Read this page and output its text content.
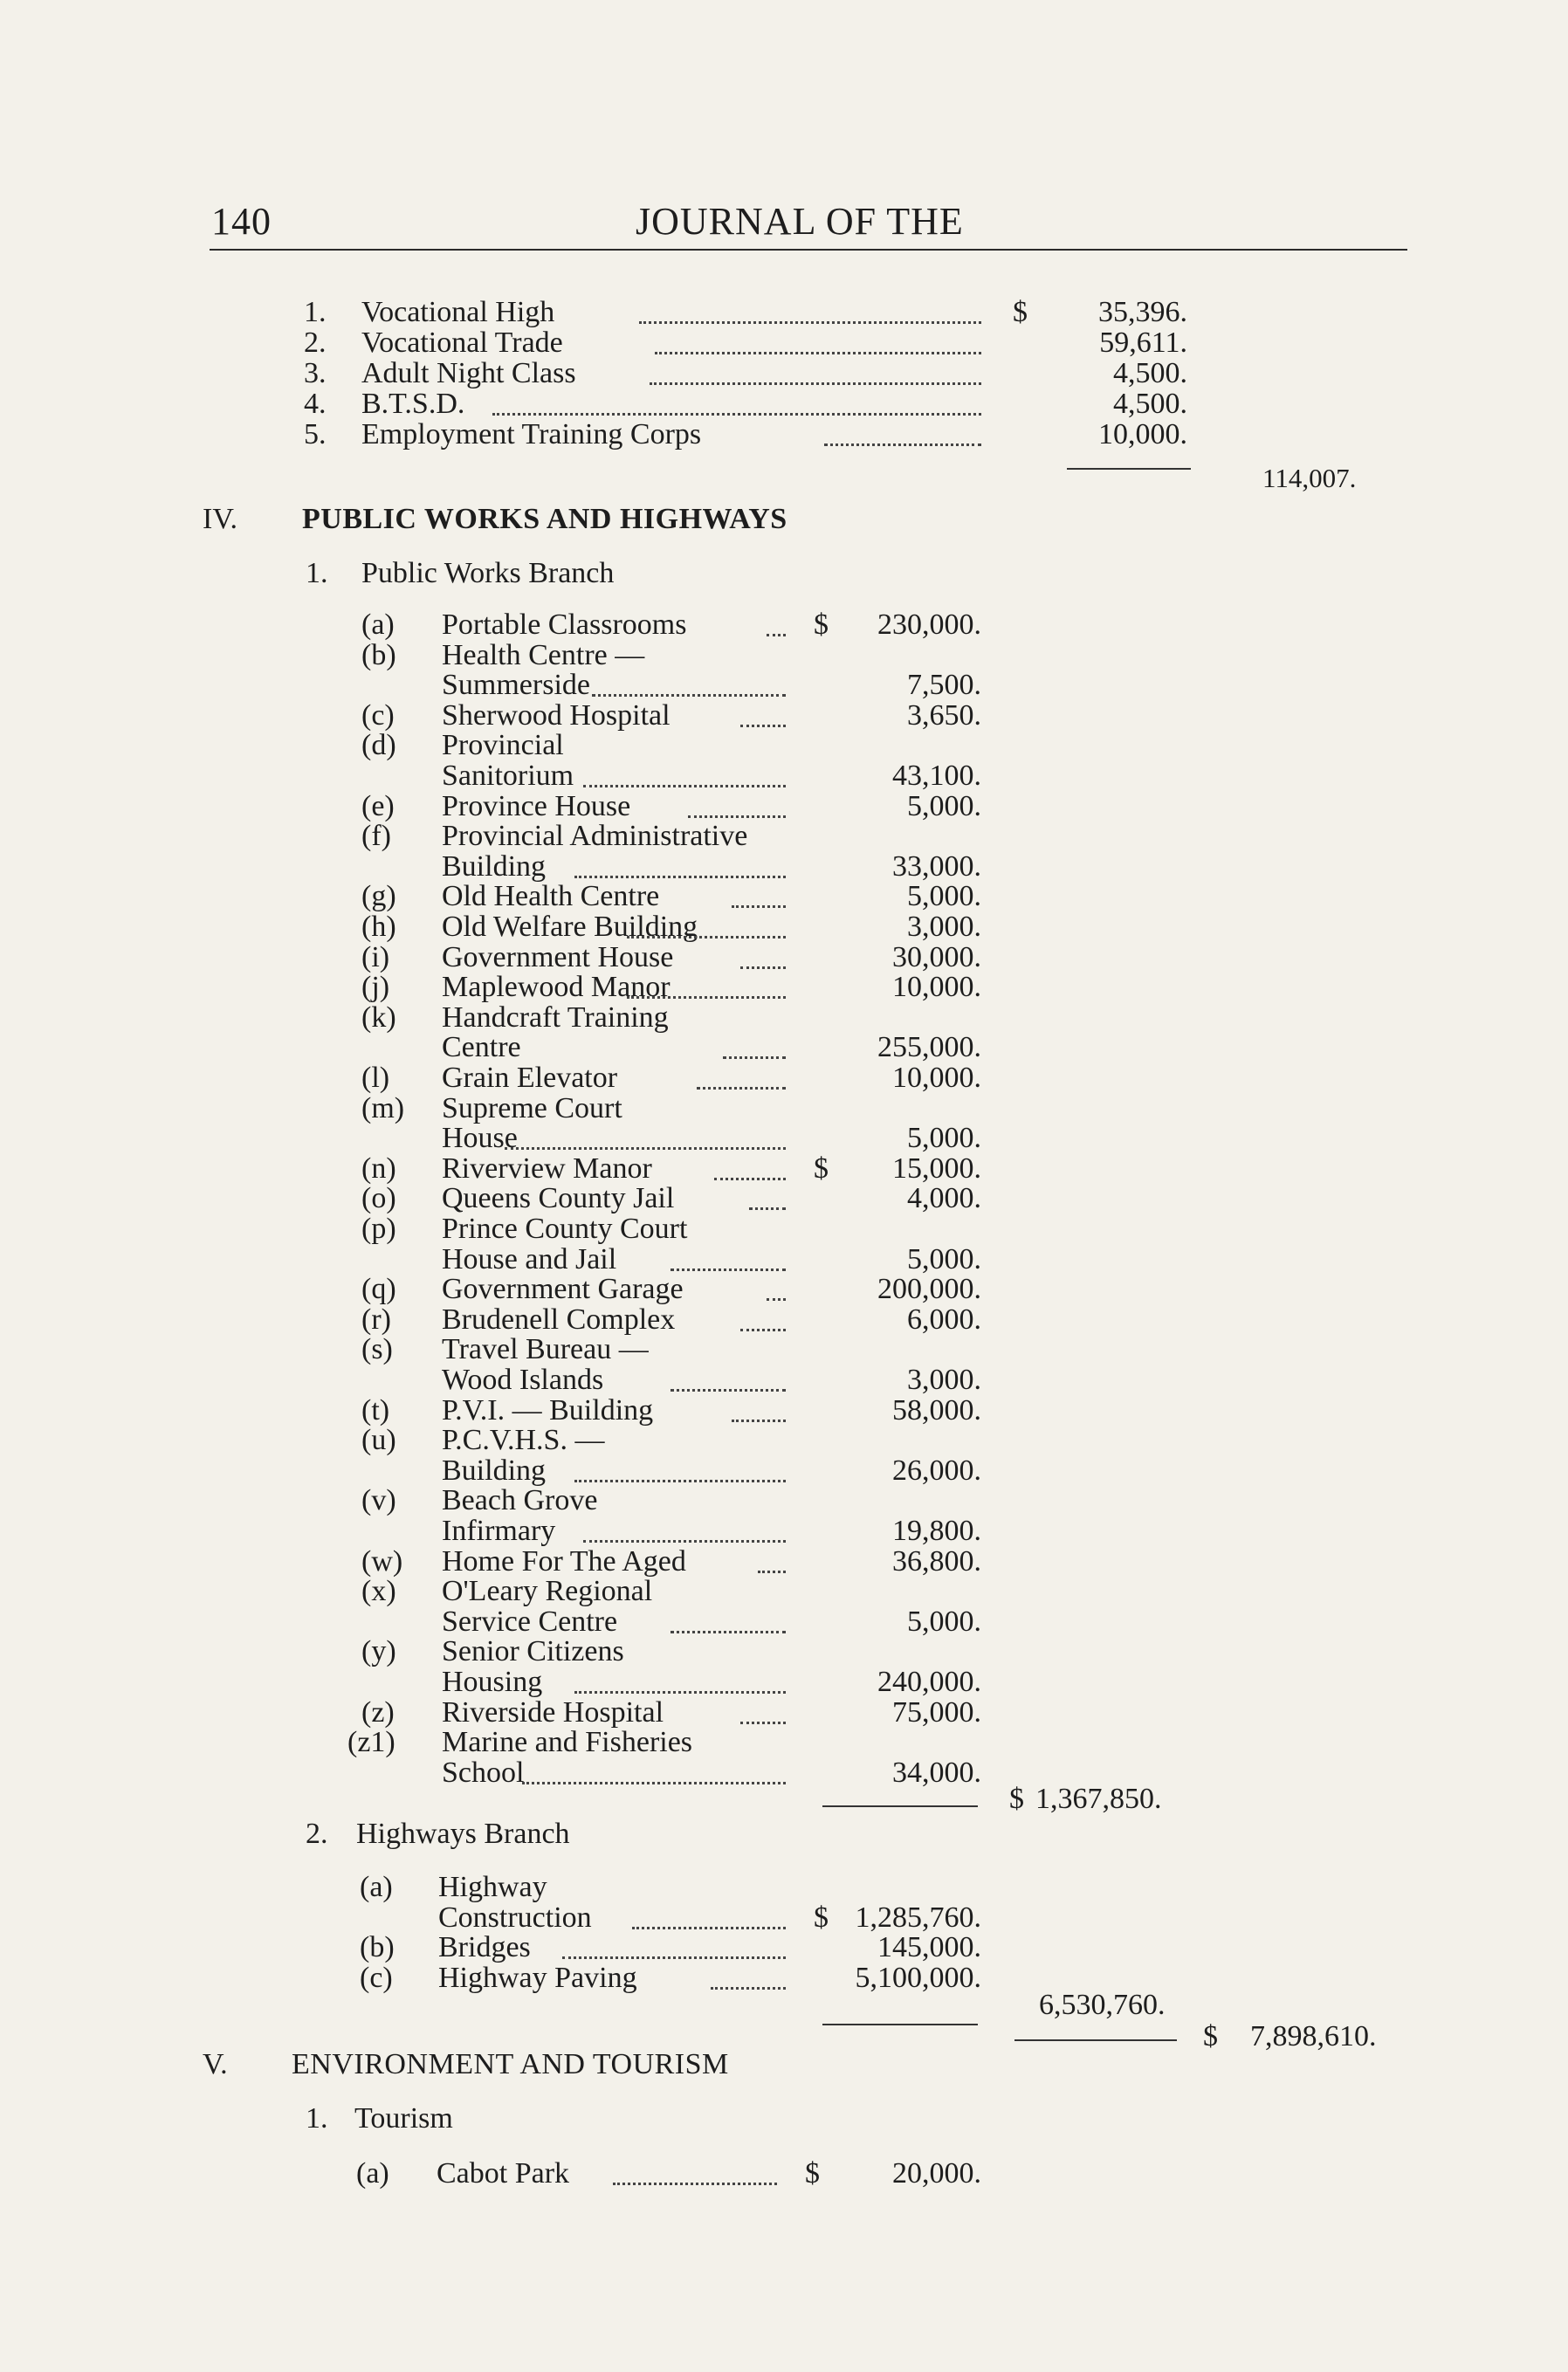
140	JOURNAL OF THE
1. Vocational High	$	35,396.
2. Vocational Trade	59,611.
3. Adult Night Class	4,500.
4. B.T.S.D.	4,500.
5. Employment Training Corps	10,000.
114,007.
IV. PUBLIC WORKS AND HIGHWAYS
1. Public Works Branch
(a) Portable Classrooms	$	230,000.
(b) Health Centre —
Summerside	7,500.
(c) Sherwood Hospital	3,650.
(d) Provincial
Sanitorium	43,100.
(e) Province House	5,000.
(f) Provincial Administrative
Building	33,000.
(g) Old Health Centre	5,000.
(h) Old Welfare Building	3,000.
(i) Government House	30,000.
(j) Maplewood Manor	10,000.
(k) Handcraft Training
Centre	255,000.
(l) Grain Elevator	10,000.
(m) Supreme Court
House	5,000.
(n) Riverview Manor	$	15,000.
(o) Queens County Jail	4,000.
(p) Prince County Court
House and Jail	5,000.
(q) Government Garage	200,000.
(r) Brudenell Complex	6,000.
(s) Travel Bureau —
Wood Islands	3,000.
(t) P.V.I. — Building	58,000.
(u) P.C.V.H.S. —
Building	26,000.
(v) Beach Grove
Infirmary	19,800.
(w) Home For The Aged	36,800.
(x) O'Leary Regional
Service Centre	5,000.
(y) Senior Citizens
Housing	240,000.
(z) Riverside Hospital	75,000.
(z1) Marine and Fisheries
School	34,000.
$ 1,367,850.
2. Highways Branch
(a) Highway
Construction	$ 1,285,760.
(b) Bridges	145,000.
(c) Highway Paving	5,100,000.
6,530,760.
$ 7,898,610.
V. ENVIRONMENT AND TOURISM
1. Tourism
(a) Cabot Park	$	20,000.
